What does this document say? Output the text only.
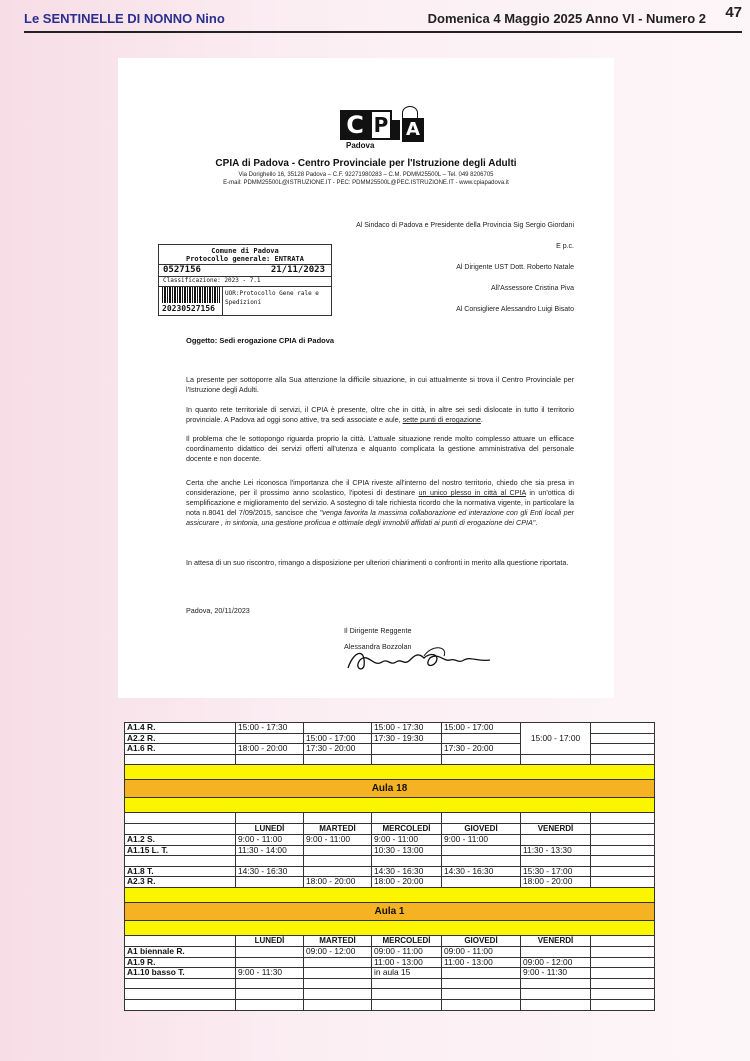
Le SENTINELLE DI NONNO Nino	Domenica 4 Maggio 2025 Anno VI - Numero 2 47
C P A
Padova
CPIA di Padova - Centro Provinciale per l'Istruzione degli Adulti
Via Dorighello 16, 35128 Padova – C.F. 92271980283 – C.M. PDMM25500L – Tel. 049 8206705
E-mail: PDMM25500L@ISTRUZIONE.IT - PEC: PDMM25500L@PEC.ISTRUZIONE.IT - www.cpiapadova.it
Al Sindaco di Padova e Presidente della Provincia Sig Sergio Giordani
E p.c.
Al Dirigente UST Dott. Roberto Natale
All'Assessore Cristina Piva
Al Consigliere Alessandro Luigi Bisato
Comune di Padova
Protocollo generale: ENTRATA
0527156	21/11/2023
Classificazione: 2023 - 7.1
20230527156
UOR:Protocollo Gene rale e Spedizioni
Oggetto: Sedi erogazione CPIA di Padova
La presente per sottoporre alla Sua attenzione la difficile situazione, in cui attualmente si trova il Centro Provinciale per l'Istruzione degli Adulti.
In quanto rete territoriale di servizi, il CPIA è presente, oltre che in città, in altre sei sedi dislocate in tutto il territorio provinciale. A Padova ad oggi sono attive, tra sedi associate e aule, sette punti di erogazione.
Il problema che le sottopongo riguarda proprio la città. L'attuale situazione rende molto complesso attuare un efficace coordinamento didattico dei servizi offerti all'utenza e alquanto complicata la gestione amministrativa del personale docente e non docente.
Certa che anche Lei riconosca l'importanza che il CPIA riveste all'interno del nostro territorio, chiedo che sia presa in considerazione, per il prossimo anno scolastico, l'ipotesi di destinare un unico plesso in città al CPIA in un'ottica di semplificazione e miglioramento del servizio. A sostegno di tale richiesta ricordo che la normativa vigente, in particolare la nota n.8041 del 7/09/2015, sancisce che "venga favorita la massima collaborazione ed interazione con gli Enti locali per assicurare , in sintonia, una gestione proficua e ottimale degli immobili affidati ai punti di erogazione dei CPIA".
In attesa di un suo riscontro, rimango a disposizione per ulteriori chiarimenti o confronti in merito alla questione riportata.
Padova, 20/11/2023
Il Dirigente Reggente
Alessandra Bozzolan
A1.4 R.	15:00 - 17:30		15:00 - 17:30	15:00 - 17:00	15:00 - 17:00	
A2.2 R.		15:00 - 17:00	17:30 - 19:30			
A1.6 R.	18:00 - 20:00	17:30 - 20:00		17:30 - 20:00		

Aula 18						

	LUNEDÌ	MARTEDÌ	MERCOLEDÌ	GIOVEDÌ	VENERDÌ	
A1.2 S.	9:00 - 11:00	9:00 - 11:00	9:00 - 11:00	9:00 - 11:00		
A1.15 L. T.	11:30 - 14:00		10:30 - 13:00		11:30 - 13:30	

A1.8 T.	14:30 - 16:30		14:30 - 16:30	14:30 - 16:30	15:30 - 17:00	
A2.3 R.		18:00 - 20:00	18:00 - 20:00		18:00 - 20:00	

Aula 1						

	LUNEDÌ	MARTEDÌ	MERCOLEDÌ	GIOVEDÌ	VENERDÌ	
A1 biennale R.		09:00 - 12:00	09:00 - 11:00	09:00 - 11:00		
A1.9 R.			11:00 - 13:00	11:00 - 13:00	09:00 - 12:00	
A1.10 basso T.	9:00 - 11:30		in aula 15		9:00 - 11:30	
